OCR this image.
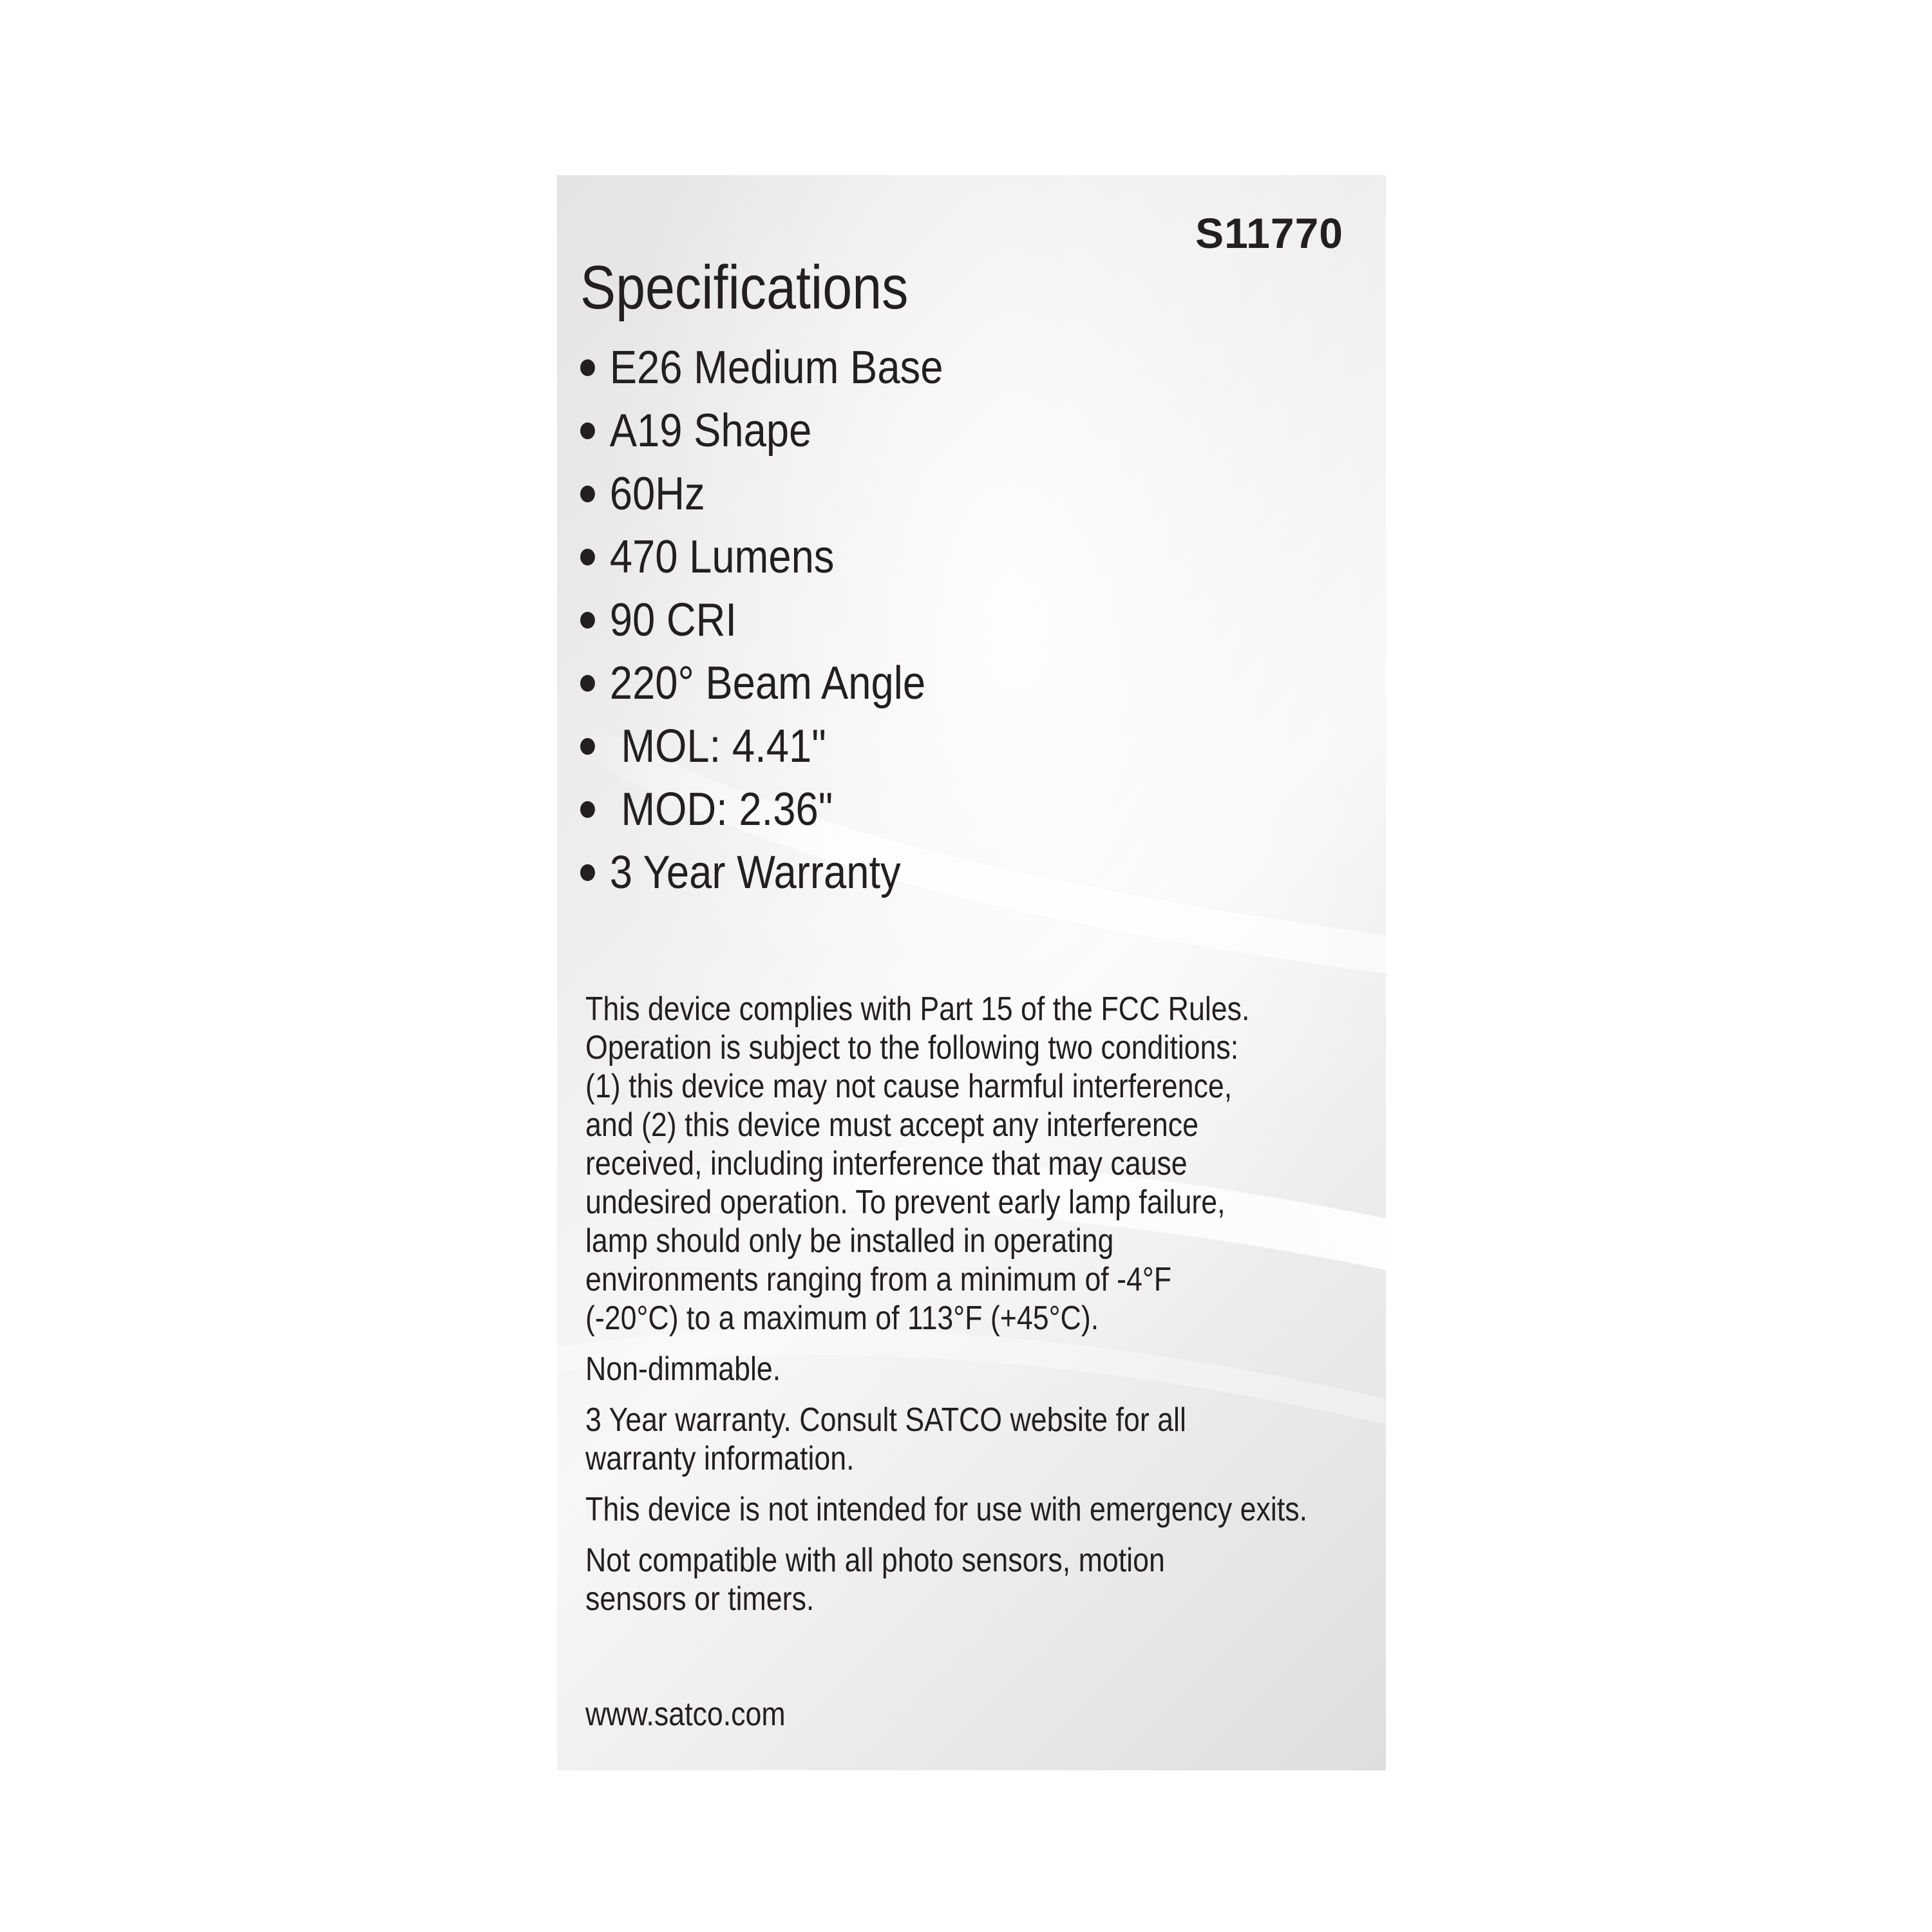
S11770
Specifications
E26 Medium Base
A19 Shape
60Hz
470 Lumens
90 CRI
220° Beam Angle
MOL: 4.41"
MOD: 2.36"
3 Year Warranty

This device complies with Part 15 of the FCC Rules.
Operation is subject to the following two conditions:
(1) this device may not cause harmful interference,
and (2) this device must accept any interference
received, including interference that may cause
undesired operation. To prevent early lamp failure,
lamp should only be installed in operating
environments ranging from a minimum of -4°F
(-20°C) to a maximum of 113°F (+45°C).

Non-dimmable.

3 Year warranty. Consult SATCO website for all
warranty information.

This device is not intended for use with emergency exits.

Not compatible with all photo sensors, motion
sensors or timers.

www.satco.com
